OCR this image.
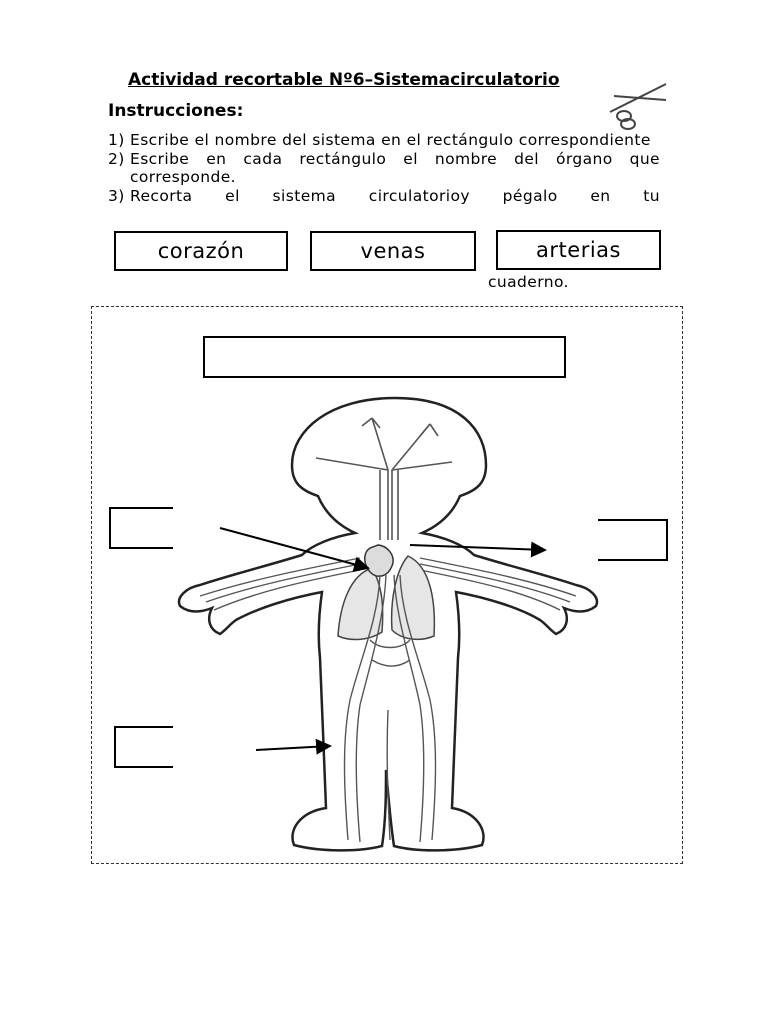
Actividad recortable Nº6–Sistemacirculatorio
Instrucciones:
1) Escribe el nombre del sistema en el rectángulo correspondiente
2) Escribe en cada rectángulo el nombre del órgano que corresponde.
3) Recorta el sistema circulatorioy pégalo en tu
corazón	venas	arterias
cuaderno.
